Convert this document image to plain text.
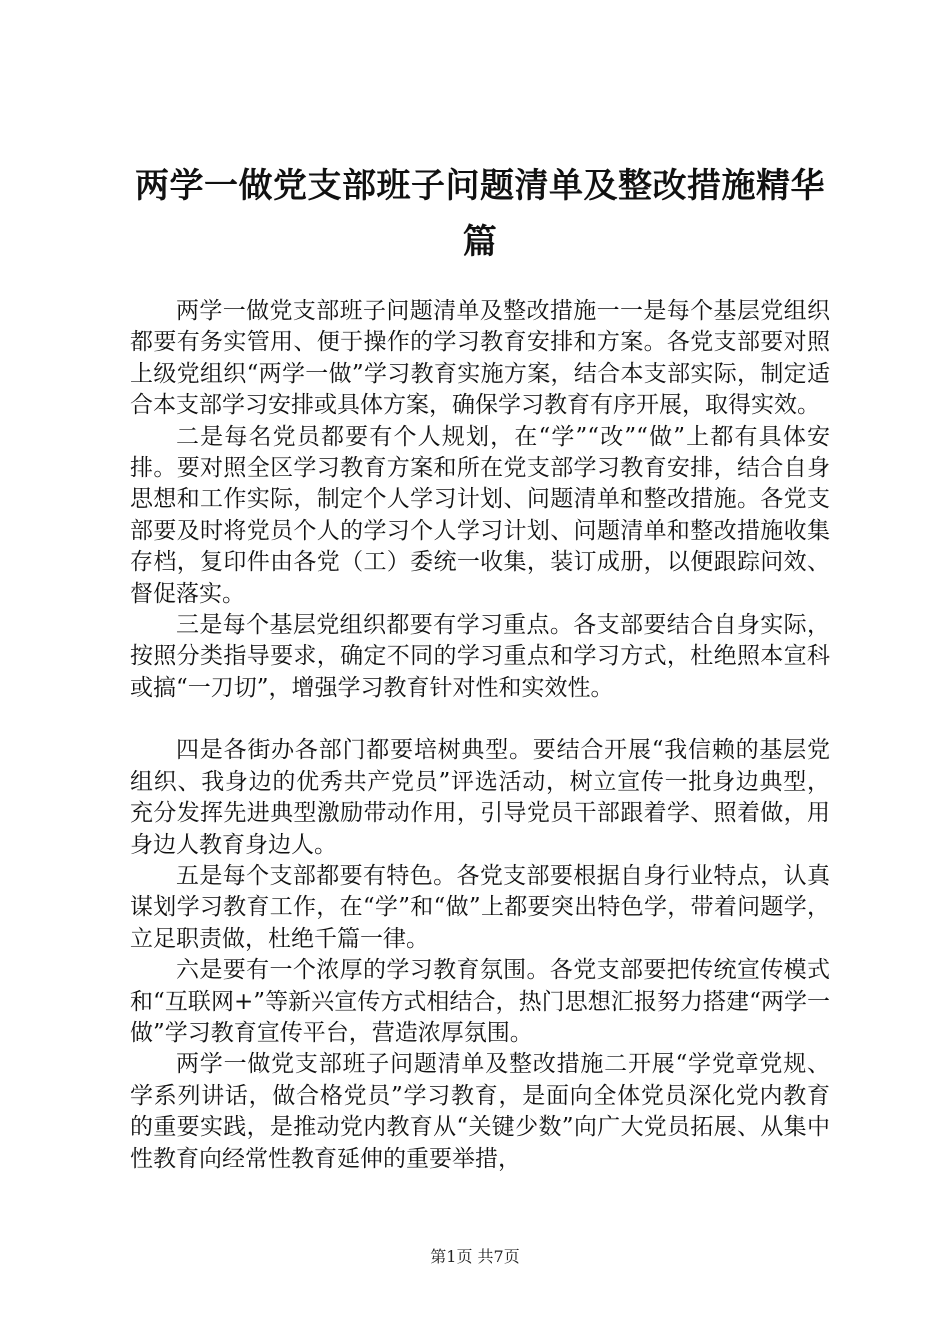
两学一做党支部班子问题清单及整改措施精华篇

两学一做党支部班子问题清单及整改措施一一是每个基层党组织都要有务实管用、便于操作的学习教育安排和方案。各党支部要对照上级党组织“两学一做”学习教育实施方案，结合本支部实际，制定适合本支部学习安排或具体方案，确保学习教育有序开展，取得实效。

二是每名党员都要有个人规划，在“学”“改”“做”上都有具体安排。要对照全区学习教育方案和所在党支部学习教育安排，结合自身思想和工作实际，制定个人学习计划、问题清单和整改措施。各党支部要及时将党员个人的学习个人学习计划、问题清单和整改措施收集存档，复印件由各党（工）委统一收集，装订成册，以便跟踪问效、督促落实。

三是每个基层党组织都要有学习重点。各支部要结合自身实际，按照分类指导要求，确定不同的学习重点和学习方式，杜绝照本宣科或搞“一刀切”，增强学习教育针对性和实效性。

四是各街办各部门都要培树典型。要结合开展“我信赖的基层党组织、我身边的优秀共产党员”评选活动，树立宣传一批身边典型，充分发挥先进典型激励带动作用，引导党员干部跟着学、照着做，用身边人教育身边人。

五是每个支部都要有特色。各党支部要根据自身行业特点，认真谋划学习教育工作，在“学”和“做”上都要突出特色学，带着问题学，立足职责做，杜绝千篇一律。

六是要有一个浓厚的学习教育氛围。各党支部要把传统宣传模式和“互联网+”等新兴宣传方式相结合，热门思想汇报努力搭建“两学一做”学习教育宣传平台，营造浓厚氛围。

两学一做党支部班子问题清单及整改措施二开展“学党章党规、学系列讲话，做合格党员”学习教育，是面向全体党员深化党内教育的重要实践，是推动党内教育从“关键少数”向广大党员拓展、从集中性教育向经常性教育延伸的重要举措，

第1页 共7页
